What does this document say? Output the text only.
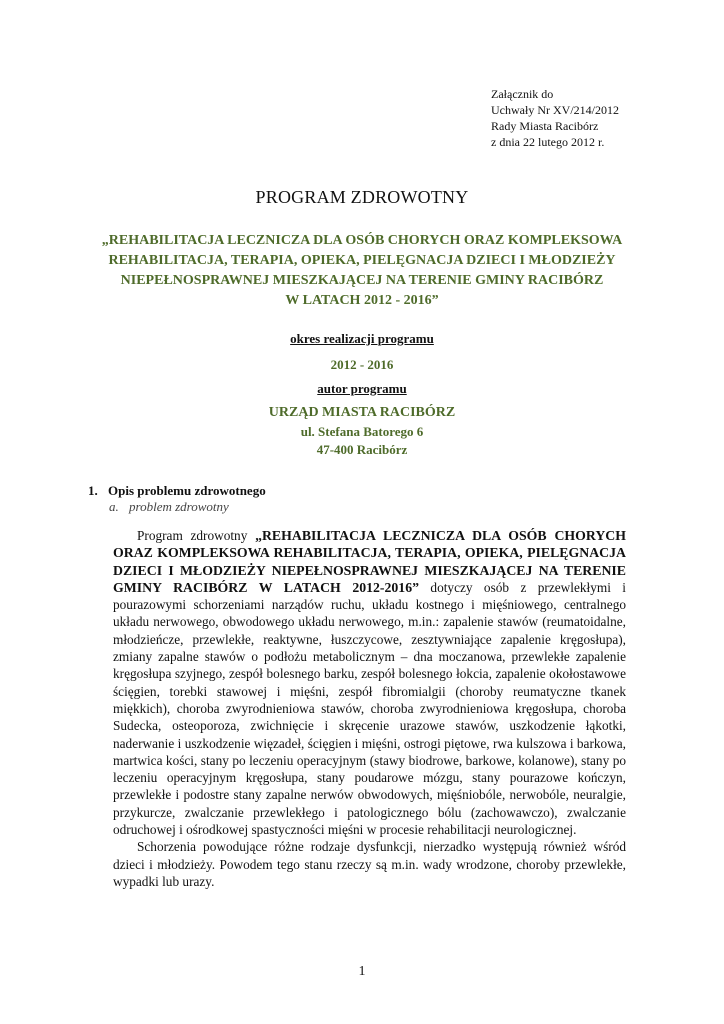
Załącznik do
Uchwały Nr XV/214/2012
Rady Miasta Racibórz
z dnia 22 lutego 2012 r.
PROGRAM ZDROWOTNY
„REHABILITACJA LECZNICZA DLA OSÓB CHORYCH ORAZ KOMPLEKSOWA
REHABILITACJA, TERAPIA, OPIEKA, PIELĘGNACJA DZIECI I MŁODZIEŻY
NIEPEŁNOSPRAWNEJ MIESZKAJĄCEJ NA TERENIE GMINY RACIBÓRZ
W LATACH 2012 - 2016”
okres realizacji programu
2012 - 2016
autor programu
URZĄD MIASTA RACIBÓRZ
ul. Stefana Batorego 6
47-400 Racibórz
1. Opis problemu zdrowotnego
a. problem zdrowotny

Program zdrowotny „REHABILITACJA LECZNICZA DLA OSÓB CHORYCH ORAZ KOMPLEKSOWA REHABILITACJA, TERAPIA, OPIEKA, PIELĘGNACJA DZIECI I MŁODZIEŻY NIEPEŁNOSPRAWNEJ MIESZKAJĄCEJ NA TERENIE GMINY RACIBÓRZ W LATACH 2012-2016” dotyczy osób z przewlekłymi i pourazowymi schorzeniami narządów ruchu, układu kostnego i mięśniowego, centralnego układu nerwowego, obwodowego układu nerwowego, m.in.: zapalenie stawów (reumatoidalne, młodzieńcze, przewlekłe, reaktywne, łuszczycowe, zesztywniające zapalenie kręgosłupa), zmiany zapalne stawów o podłożu metabolicznym – dna moczanowa, przewlekłe zapalenie kręgosłupa szyjnego, zespół bolesnego barku, zespół bolesnego łokcia, zapalenie okołostawowe ścięgien, torebki stawowej i mięśni, zespół fibromialgii (choroby reumatyczne tkanek miękkich), choroba zwyrodnieniowa stawów, choroba zwyrodnieniowa kręgosłupa, choroba Sudecka, osteoporoza, zwichnięcie i skręcenie urazowe stawów, uszkodzenie łąkotki, naderwanie i uszkodzenie więzadeł, ścięgien i mięśni, ostrogi piętowe, rwa kulszowa i barkowa, martwica kości, stany po leczeniu operacyjnym (stawy biodrowe, barkowe, kolanowe), stany po leczeniu operacyjnym kręgosłupa, stany poudarowe mózgu, stany pourazowe kończyn, przewlekłe i podostre stany zapalne nerwów obwodowych, mięśniobóle, nerwobóle, neuralgie, przykurcze, zwalczanie przewlekłego i patologicznego bólu (zachowawczo), zwalczanie odruchowej i ośrodkowej spastyczności mięśni w procesie rehabilitacji neurologicznej.

Schorzenia powodujące różne rodzaje dysfunkcji, nierzadko występują również wśród dzieci i młodzieży. Powodem tego stanu rzeczy są m.in. wady wrodzone, choroby przewlekłe, wypadki lub urazy.

1
